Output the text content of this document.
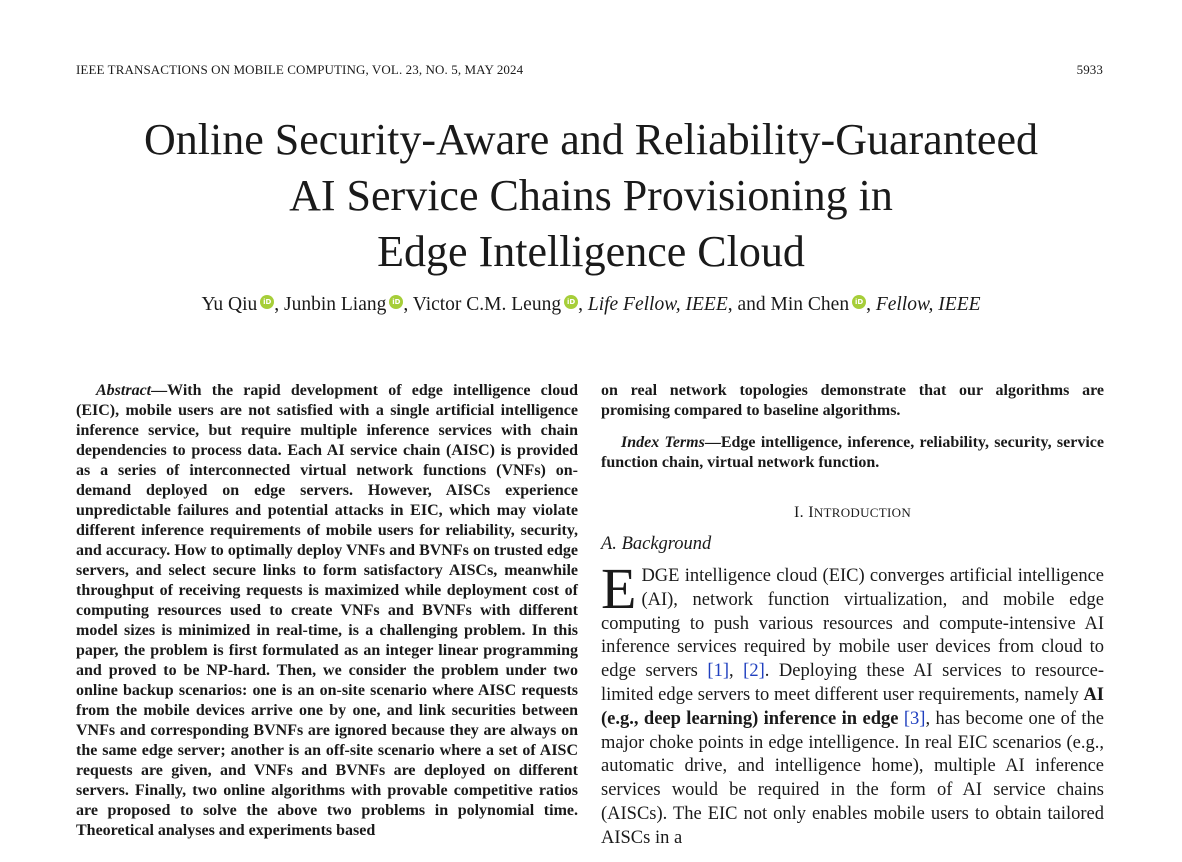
IEEE TRANSACTIONS ON MOBILE COMPUTING, VOL. 23, NO. 5, MAY 2024	5933
Online Security-Aware and Reliability-Guaranteed
AI Service Chains Provisioning in
Edge Intelligence Cloud
Yu Qiu iD , Junbin Liang iD , Victor C.M. Leung iD , Life Fellow, IEEE, and Min Chen iD , Fellow, IEEE

Abstract—With the rapid development of edge intelligence cloud (EIC), mobile users are not satisfied with a single artificial intelligence inference service, but require multiple inference services with chain dependencies to process data. Each AI service chain (AISC) is provided as a series of interconnected virtual network functions (VNFs) on-demand deployed on edge servers. However, AISCs experience unpredictable failures and potential attacks in EIC, which may violate different inference requirements of mobile users for reliability, security, and accuracy. How to optimally deploy VNFs and BVNFs on trusted edge servers, and select secure links to form satisfactory AISCs, meanwhile throughput of receiving requests is maximized while deployment cost of computing resources used to create VNFs and BVNFs with different model sizes is minimized in real-time, is a challenging problem. In this paper, the problem is first formulated as an integer linear programming and proved to be NP-hard. Then, we consider the problem under two online backup scenarios: one is an on-site scenario where AISC requests from the mobile devices arrive one by one, and link securities between VNFs and corresponding BVNFs are ignored because they are always on the same edge server; another is an off-site scenario where a set of AISC requests are given, and VNFs and BVNFs are deployed on different servers. Finally, two online algorithms with provable competitive ratios are proposed to solve the above two problems in polynomial time. Theoretical analyses and experiments based

on real network topologies demonstrate that our algorithms are promising compared to baseline algorithms.

Index Terms—Edge intelligence, inference, reliability, security, service function chain, virtual network function.

I. INTRODUCTION

A. Background

EDGE intelligence cloud (EIC) converges artificial intelligence (AI), network function virtualization, and mobile edge computing to push various resources and compute-intensive AI inference services required by mobile user devices from cloud to edge servers [1], [2]. Deploying these AI services to resource-limited edge servers to meet different user requirements, namely AI (e.g., deep learning) inference in edge [3], has become one of the major choke points in edge intelligence. In real EIC scenarios (e.g., automatic drive, and intelligence home), multiple AI inference services would be required in the form of AI service chains (AISCs). The EIC not only enables mobile users to obtain tailored AISCs in a
